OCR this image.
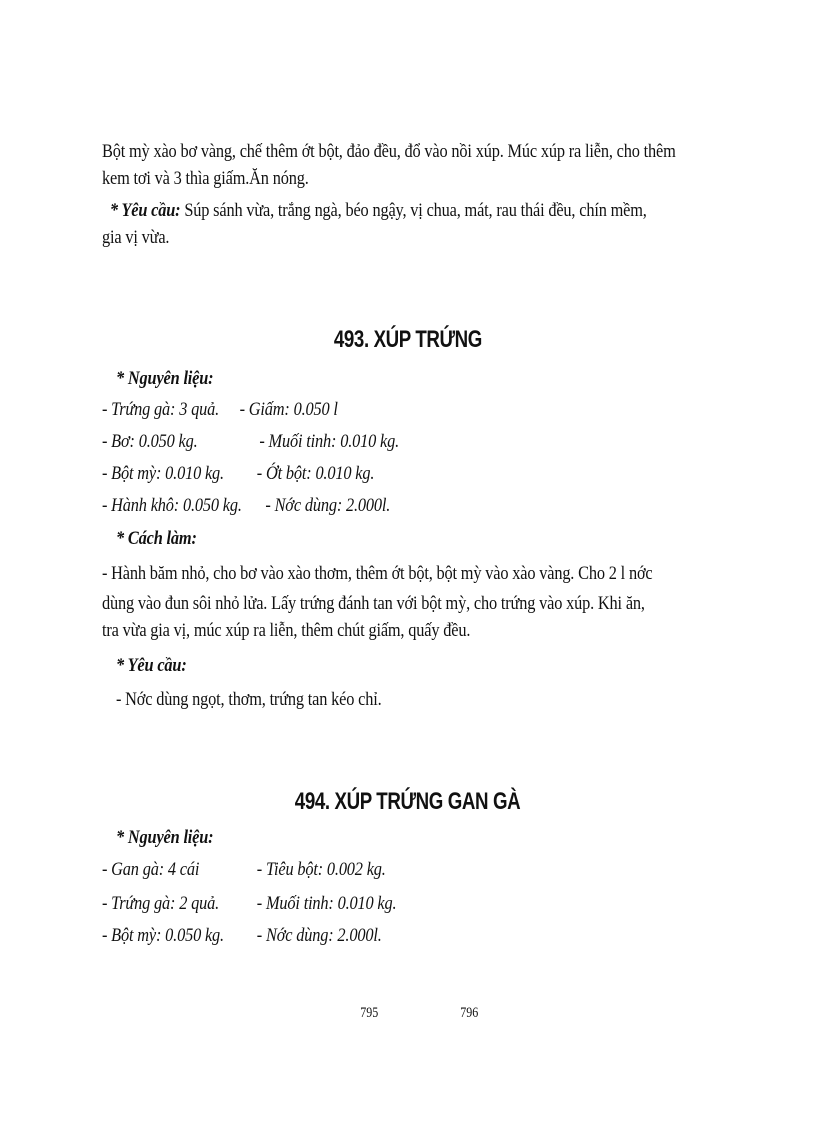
Bột mỳ xào bơ vàng, chế thêm ớt bột, đảo đều, đổ vào nồi xúp. Múc xúp ra liễn, cho thêm
kem tơi và 3 thìa giấm.Ăn nóng.
* Yêu cầu: Súp sánh vừa, trắng ngà, béo ngậy, vị chua, mát, rau thái đều, chín mềm,
gia vị vừa.
493. XÚP TRỨNG
* Nguyên liệu:
- Trứng gà: 3 quả. - Giấm: 0.050 l
- Bơ: 0.050 kg.	- Muối tinh: 0.010 kg.
- Bột mỳ: 0.010 kg. - Ớt bột: 0.010 kg.
- Hành khô: 0.050 kg. - Nớc dùng: 2.000l.
* Cách làm:
- Hành băm nhỏ, cho bơ vào xào thơm, thêm ớt bột, bột mỳ vào xào vàng. Cho 2 l nớc
dùng vào đun sôi nhỏ lửa. Lấy trứng đánh tan với bột mỳ, cho trứng vào xúp. Khi ăn,
tra vừa gia vị, múc xúp ra liễn, thêm chút giấm, quấy đều.
* Yêu cầu:
- Nớc dùng ngọt, thơm, trứng tan kéo chỉ.
494. XÚP TRỨNG GAN GÀ
* Nguyên liệu:
- Gan gà: 4 cái	- Tiêu bột: 0.002 kg.
- Trứng gà: 2 quả. - Muối tinh: 0.010 kg.
- Bột mỳ: 0.050 kg. - Nớc dùng: 2.000l.
795	796
